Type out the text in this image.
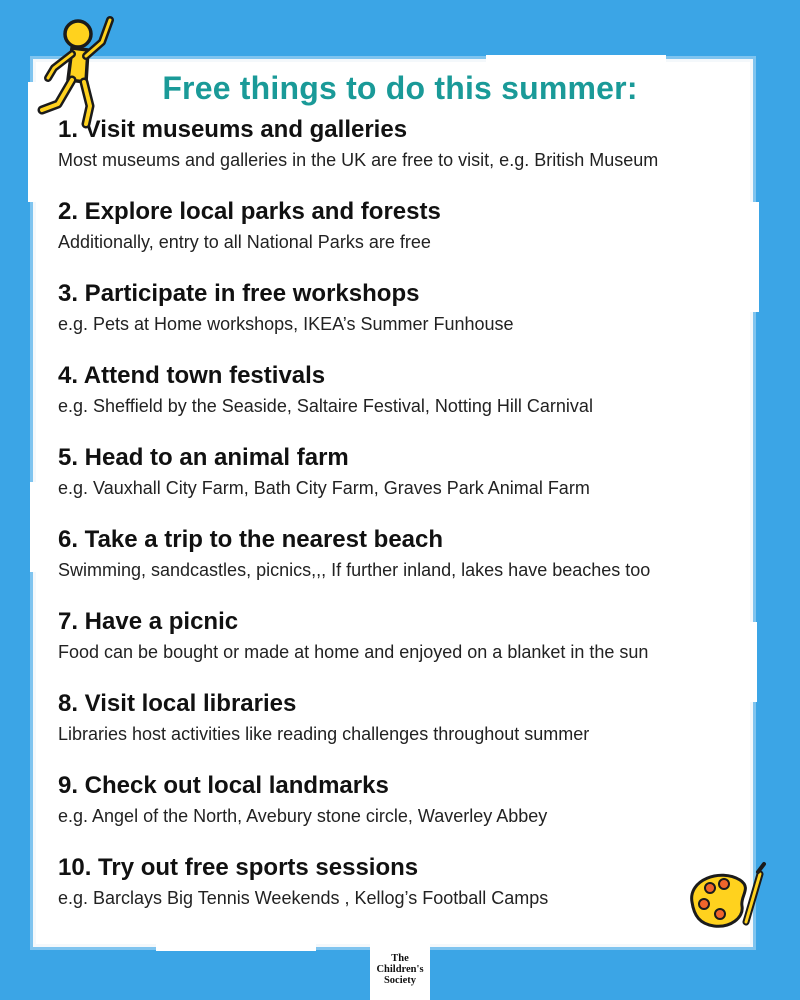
Free things to do this summer:
1. Visit museums and galleries
Most museums and galleries in the UK are free to visit, e.g. British Museum
2. Explore local parks and forests
Additionally, entry to all National Parks are free
3. Participate in free workshops
e.g. Pets at Home workshops, IKEA’s Summer Funhouse
4. Attend town festivals
e.g. Sheffield by the Seaside, Saltaire Festival, Notting Hill Carnival
5. Head to an animal farm
e.g. Vauxhall City Farm, Bath City Farm, Graves Park Animal Farm
6. Take a trip to the nearest beach
Swimming, sandcastles, picnics,,, If further inland, lakes have beaches too
7. Have a picnic
Food can be bought or made at home and enjoyed on a blanket in the sun
8. Visit local libraries
Libraries host activities like reading challenges throughout summer
9. Check out local landmarks
e.g. Angel of the North, Avebury stone circle, Waverley Abbey
10. Try out free sports sessions
e.g. Barclays Big Tennis Weekends , Kellog’s Football Camps
The
Children's
Society
